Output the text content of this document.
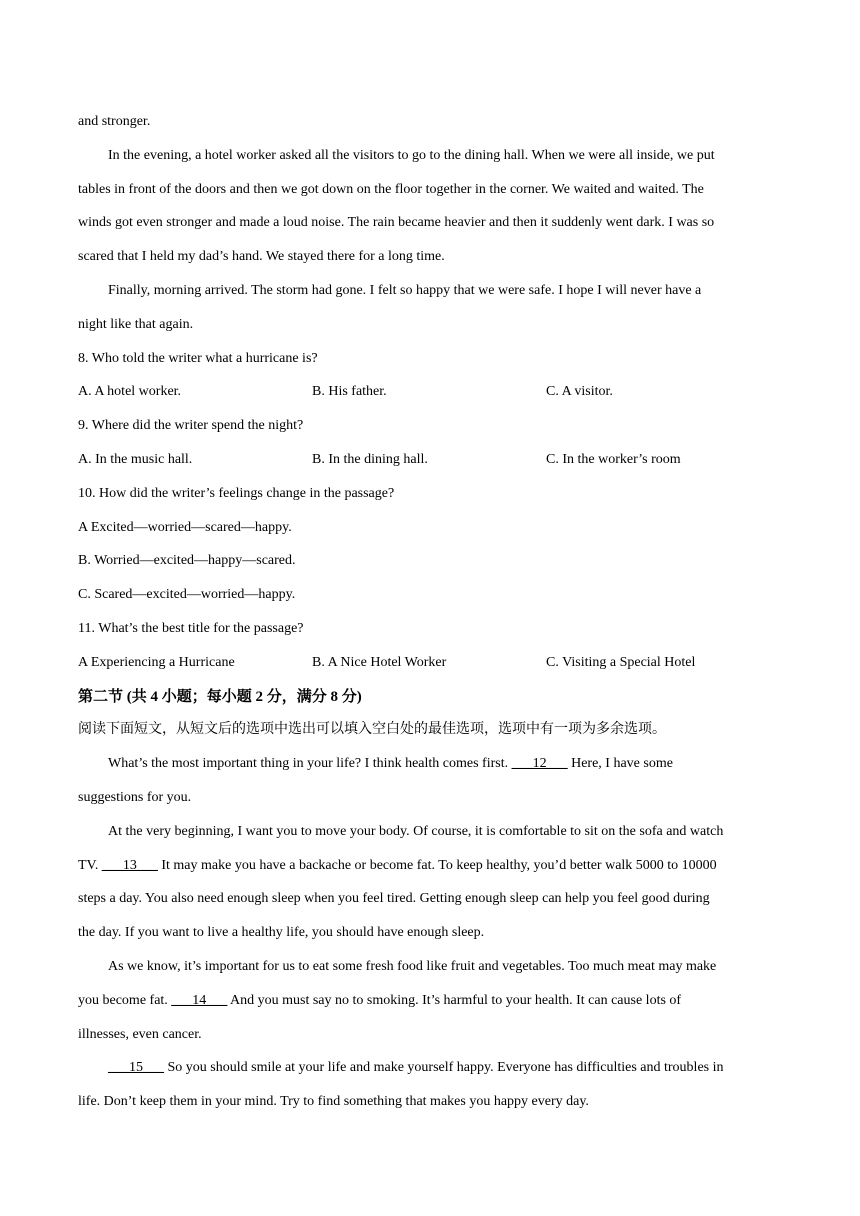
and stronger.
In the evening, a hotel worker asked all the visitors to go to the dining hall. When we were all inside, we put
tables in front of the doors and then we got down on the floor together in the corner. We waited and waited. The
winds got even stronger and made a loud noise. The rain became heavier and then it suddenly went dark. I was so
scared that I held my dad’s hand. We stayed there for a long time.
Finally, morning arrived. The storm had gone. I felt so happy that we were safe. I hope I will never have a
night like that again.
8. Who told the writer what a hurricane is?
A. A hotel worker.	B. His father.	C. A visitor.
9. Where did the writer spend the night?
A. In the music hall.	B. In the dining hall.	C. In the worker’s room
10. How did the writer’s feelings change in the passage?
A Excited—worried—scared—happy.
B. Worried—excited—happy—scared.
C. Scared—excited—worried—happy.
11. What’s the best title for the passage?
A Experiencing a Hurricane	B. A Nice Hotel Worker	C. Visiting a Special Hotel
第二节 (共 4 小题；每小题 2 分，满分 8 分)
阅读下面短文，从短文后的选项中选出可以填入空白处的最佳选项，选项中有一项为多余选项。
What’s the most important thing in your life? I think health comes first. ___12___ Here, I have some
suggestions for you.
At the very beginning, I want you to move your body. Of course, it is comfortable to sit on the sofa and watch
TV. ___13___ It may make you have a backache or become fat. To keep healthy, you’d better walk 5000 to 10000
steps a day. You also need enough sleep when you feel tired. Getting enough sleep can help you feel good during
the day. If you want to live a healthy life, you should have enough sleep.
As we know, it’s important for us to eat some fresh food like fruit and vegetables. Too much meat may make
you become fat. ___14___ And you must say no to smoking. It’s harmful to your health. It can cause lots of
illnesses, even cancer.
___15___ So you should smile at your life and make yourself happy. Everyone has difficulties and troubles in
life. Don’t keep them in your mind. Try to find something that makes you happy every day.
